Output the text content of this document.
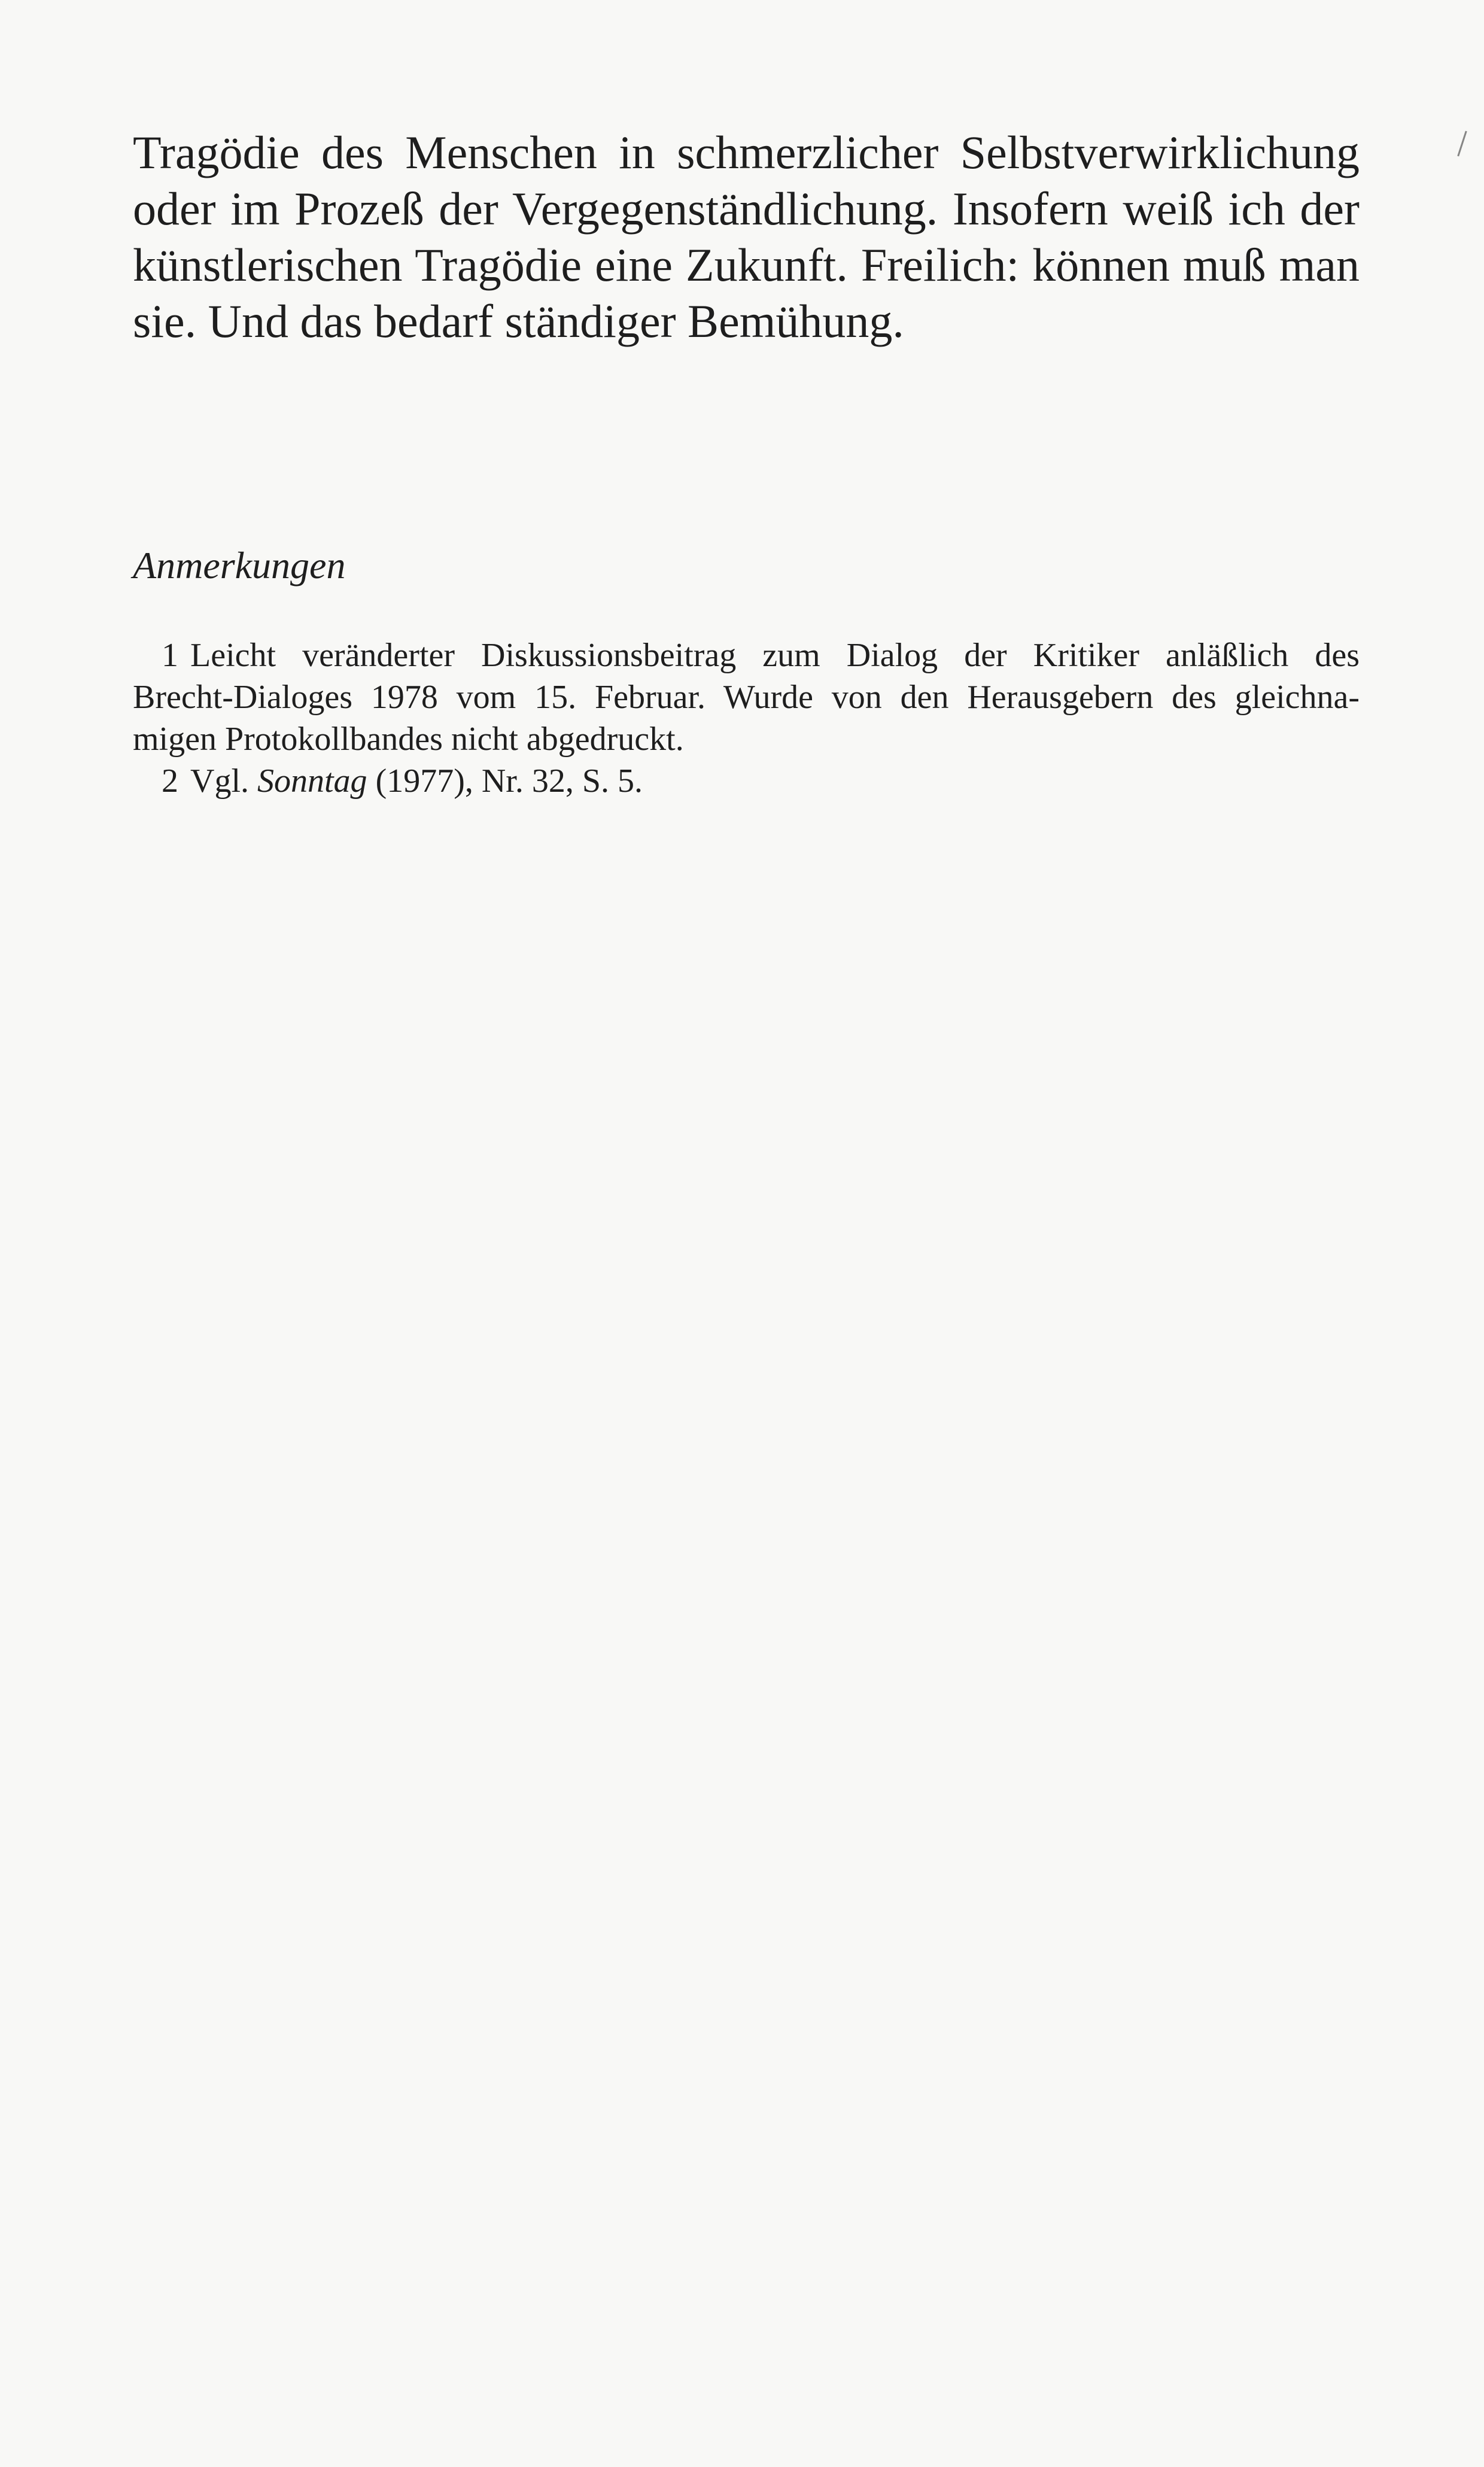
Tragödie des Menschen in schmerzlicher Selbstverwirklichung
oder im Prozeß der Vergegenständlichung. Insofern weiß ich der
künstlerischen Tragödie eine Zukunft. Freilich: können muß man
sie. Und das bedarf ständiger Bemühung.
Anmerkungen
1 Leicht veränderter Diskussionsbeitrag zum Dialog der Kritiker anläßlich des
Brecht-Dialoges 1978 vom 15. Februar. Wurde von den Herausgebern des gleichna-
migen Protokollbandes nicht abgedruckt.
2 Vgl. Sonntag (1977), Nr. 32, S. 5.
